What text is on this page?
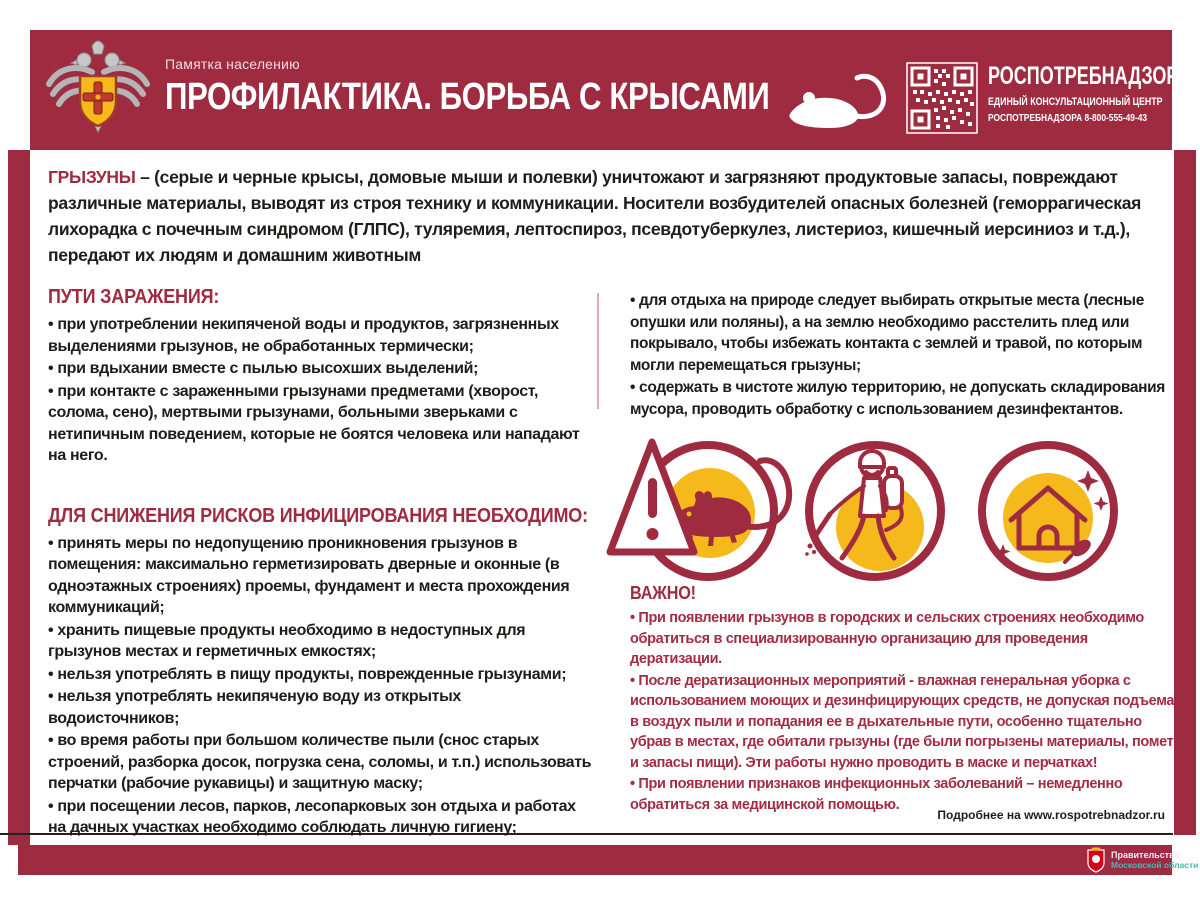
Памятка населению
ПРОФИЛАКТИКА. БОРЬБА С КРЫСАМИ	РОСПОТРЕБНАДЗОР
ЕДИНЫЙ КОНСУЛЬТАЦИОННЫЙ ЦЕНТР
РОСПОТРЕБНАДЗОРА 8-800-555-49-43
ГРЫЗУНЫ – (серые и черные крысы, домовые мыши и полевки) уничтожают и загрязняют продуктовые запасы, повреждают различные материалы, выводят из строя технику и коммуникации. Носители возбудителей опасных болезней (геморрагическая лихорадка с почечным синдромом (ГЛПС), туляремия, лептоспироз, псевдотуберкулез, листериоз, кишечный иерсиниоз и т.д.), передают их людям и домашним животным
ПУТИ ЗАРАЖЕНИЯ:
• при употреблении некипяченой воды и продуктов, загрязненных выделениями грызунов, не обработанных термически;
• при вдыхании вместе с пылью высохших выделений;
• при контакте с зараженными грызунами предметами (хворост, солома, сено), мертвыми грызунами, больными зверьками с нетипичным поведением, которые не боятся человека или нападают на него.
ДЛЯ СНИЖЕНИЯ РИСКОВ ИНФИЦИРОВАНИЯ НЕОБХОДИМО:
• принять меры по недопущению проникновения грызунов в помещения: максимально герметизировать дверные и оконные (в одноэтажных строениях) проемы, фундамент и места прохождения коммуникаций;
• хранить пищевые продукты необходимо в недоступных для грызунов местах и герметичных емкостях;
• нельзя употреблять в пищу продукты, поврежденные грызунами;
• нельзя употреблять некипяченую воду из открытых водоисточников;
• во время работы при большом количестве пыли (снос старых строений, разборка досок, погрузка сена, соломы, и т.п.) использовать перчатки (рабочие рукавицы) и защитную маску;
• при посещении лесов, парков, лесопарковых зон отдыха и работах на дачных участках необходимо соблюдать личную гигиену;
• для отдыха на природе следует выбирать открытые места (лесные опушки или поляны), а на землю необходимо расстелить плед или покрывало, чтобы избежать контакта с землей и травой, по которым могли перемещаться грызуны;
• содержать в чистоте жилую территорию, не допускать складирования мусора, проводить обработку с использованием дезинфектантов.
ВАЖНО!
• При появлении грызунов в городских и сельских строениях необходимо обратиться в специализированную организацию для проведения дератизации.
• После дератизационных мероприятий - влажная генеральная уборка с использованием моющих и дезинфицирующих средств, не допуская подъема в воздух пыли и попадания ее в дыхательные пути, особенно тщательно убрав в местах, где обитали грызуны (где были погрызены материалы, помет и запасы пищи). Эти работы нужно проводить в маске и перчатках!
• При появлении признаков инфекционных заболеваний – немедленно обратиться за медицинской помощью.
Подробнее на www.rospotrebnadzor.ru
Правительство
Московской области
